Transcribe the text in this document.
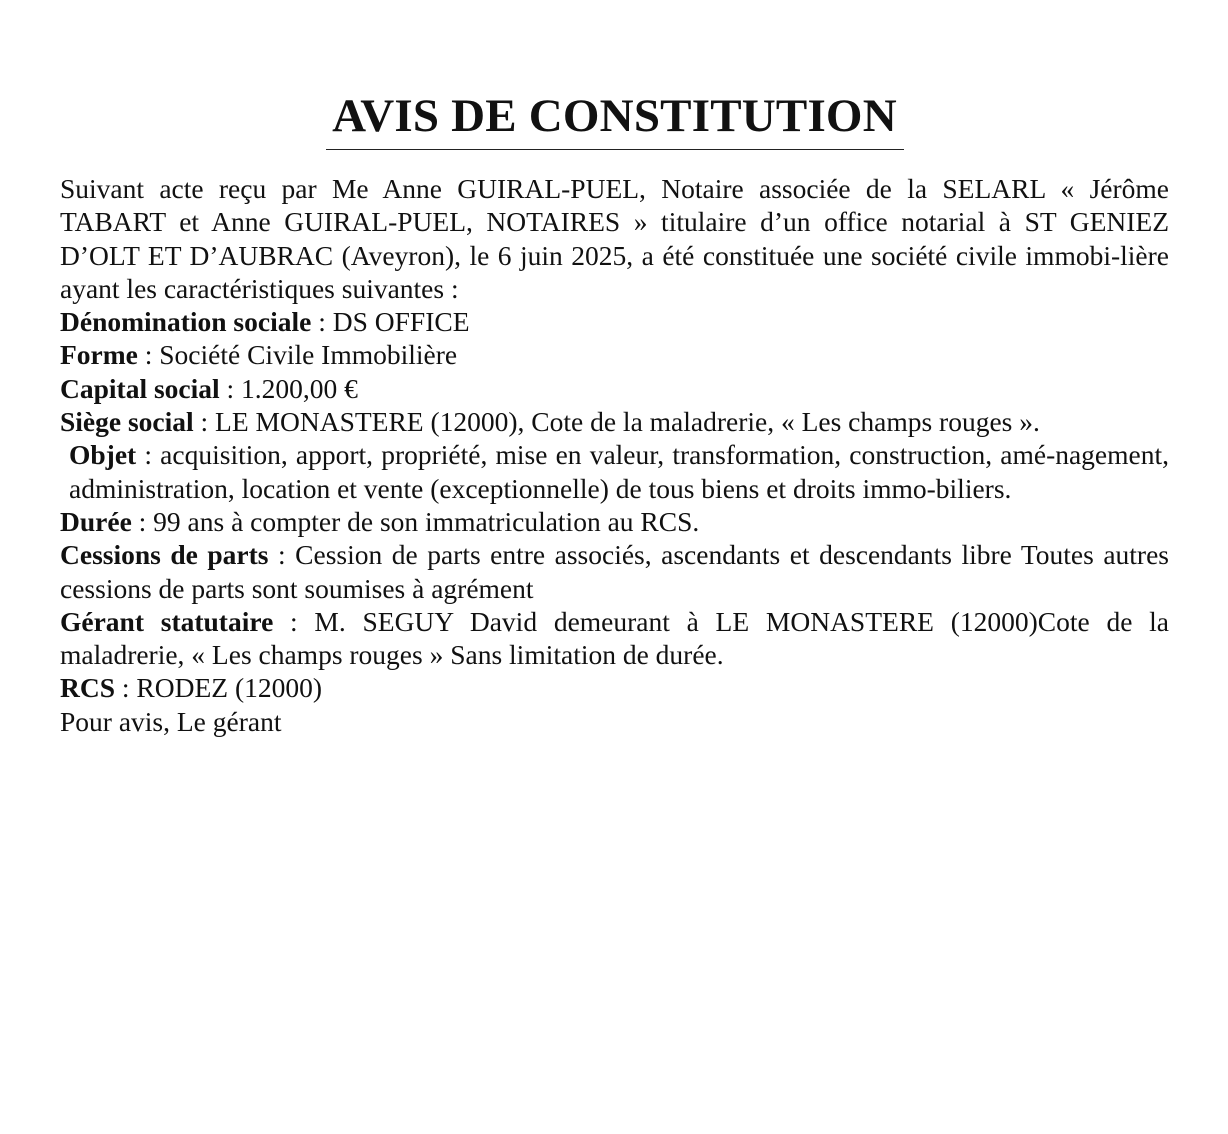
AVIS DE CONSTITUTION

Suivant acte reçu par Me Anne GUIRAL-PUEL, Notaire associée de la SELARL « Jérôme TABART et Anne GUIRAL-PUEL, NOTAIRES » titulaire d’un office notarial à ST GENIEZ D’OLT ET D’AUBRAC (Aveyron), le 6 juin 2025, a été constituée une société civile immobi-lière ayant les caractéristiques suivantes :

Dénomination sociale : DS OFFICE

Forme : Société Civile Immobilière

Capital social : 1.200,00 €

Siège social : LE MONASTERE (12000), Cote de la maladrerie, « Les champs rouges ».

Objet : acquisition, apport, propriété, mise en valeur, transformation, construction, amé-nagement, administration, location et vente (exceptionnelle) de tous biens et droits immo-biliers.

Durée : 99 ans à compter de son immatriculation au RCS.

Cessions de parts : Cession de parts entre associés, ascendants et descendants libre Toutes autres cessions de parts sont soumises à agrément

Gérant statutaire : M. SEGUY David demeurant à LE MONASTERE (12000)Cote de la maladrerie, « Les champs rouges » Sans limitation de durée.

RCS : RODEZ (12000)

Pour avis, Le gérant
